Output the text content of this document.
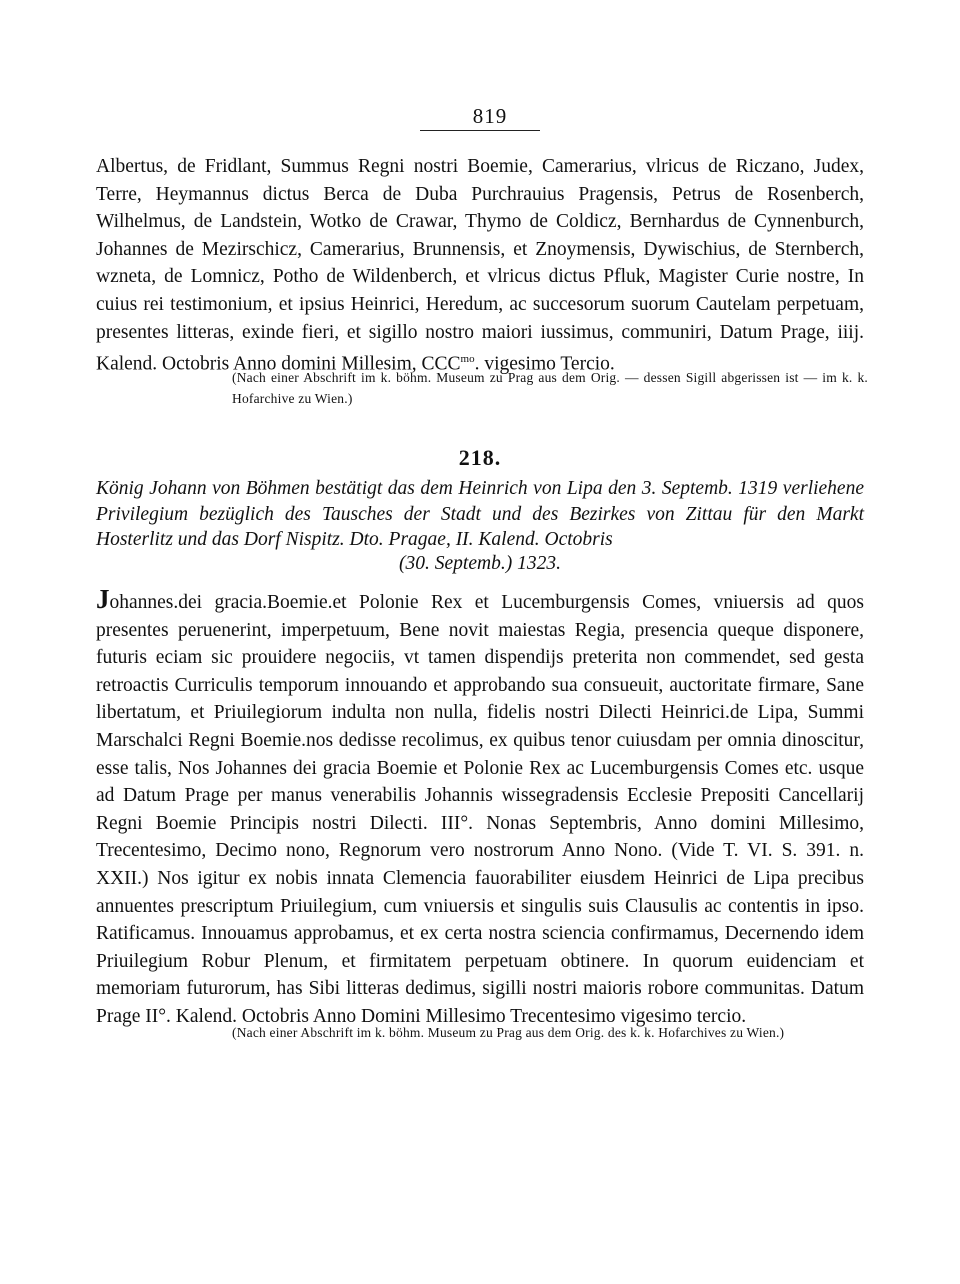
819

Albertus, de Fridlant, Summus Regni nostri Boemie, Camerarius, vlricus de Riczano, Judex, Terre, Heymannus dictus Berca de Duba Purchrauius Pragensis, Petrus de Rosenberch, Wilhelmus, de Landstein, Wotko de Crawar, Thymo de Coldicz, Bernhardus de Cynnenburch, Johannes de Mezirschicz, Camerarius, Brunnensis, et Znoymensis, Dywischius, de Sternberch, wzneta, de Lomnicz, Potho de Wildenberch, et vlricus dictus Pfluk, Magister Curie nostre, In cuius rei testimonium, et ipsius Heinrici, Heredum, ac succesorum suorum Cautelam perpetuam, presentes litteras, exinde fieri, et sigillo nostro maiori iussimus, communiri, Datum Prage, iiij. Kalend. Octobris Anno domini Millesim, $CCC^{mo}$. vigesimo Tercio.

(Nach einer Abschrift im k. böhm. Museum zu Prag aus dem Orig. — dessen Sigill abgerissen ist — im k. k. Hofarchive zu Wien.)

218.

König Johann von Böhmen bestätigt das dem Heinrich von Lipa den 3. Septemb. 1319 verliehene Privilegium bezüglich des Tausches der Stadt und des Bezirkes von Zittau für den Markt Hosterlitz und das Dorf Nispitz. Dto. Pragae, II. Kalend. Octobris

(30. Septemb.) 1323.

Johannes.dei gracia.Boemie.et Polonie Rex et Lucemburgensis Comes, vniuersis ad quos presentes peruenerint, imperpetuum, Bene novit maiestas Regia, presencia queque disponere, futuris eciam sic prouidere negociis, vt tamen dispendijs preterita non commendet, sed gesta retroactis Curriculis temporum innouando et approbando sua consueuit, auctoritate firmare, Sane libertatum, et Priuilegiorum indulta non nulla, fidelis nostri Dilecti Heinrici.de Lipa, Summi Marschalci Regni Boemie.nos dedisse recolimus, ex quibus tenor cuiusdam per omnia dinoscitur, esse talis, Nos Johannes dei gracia Boemie et Polonie Rex ac Lucemburgensis Comes etc. usque ad Datum Prage per manus venerabilis Johannis wissegradensis Ecclesie Prepositi Cancellarij Regni Boemie Principis nostri Dilecti. III°. Nonas Septembris, Anno domini Millesimo, Trecentesimo, Decimo nono, Regnorum vero nostrorum Anno Nono. (Vide T. VI. S. 391. n. XXII.) Nos igitur ex nobis innata Clemencia fauorabiliter eiusdem Heinrici de Lipa precibus annuentes prescriptum Priuilegium, cum vniuersis et singulis suis Clausulis ac contentis in ipso. Ratificamus. Innouamus approbamus, et ex certa nostra sciencia confirmamus, Decernendo idem Priuilegium Robur Plenum, et firmitatem perpetuam obtinere. In quorum euidenciam et memoriam futurorum, has Sibi litteras dedimus, sigilli nostri maioris robore communitas. Datum Prage II°. Kalend. Octobris Anno Domini Millesimo Trecentesimo vigesimo tercio.

(Nach einer Abschrift im k. böhm. Museum zu Prag aus dem Orig. des k. k. Hofarchives zu Wien.)
